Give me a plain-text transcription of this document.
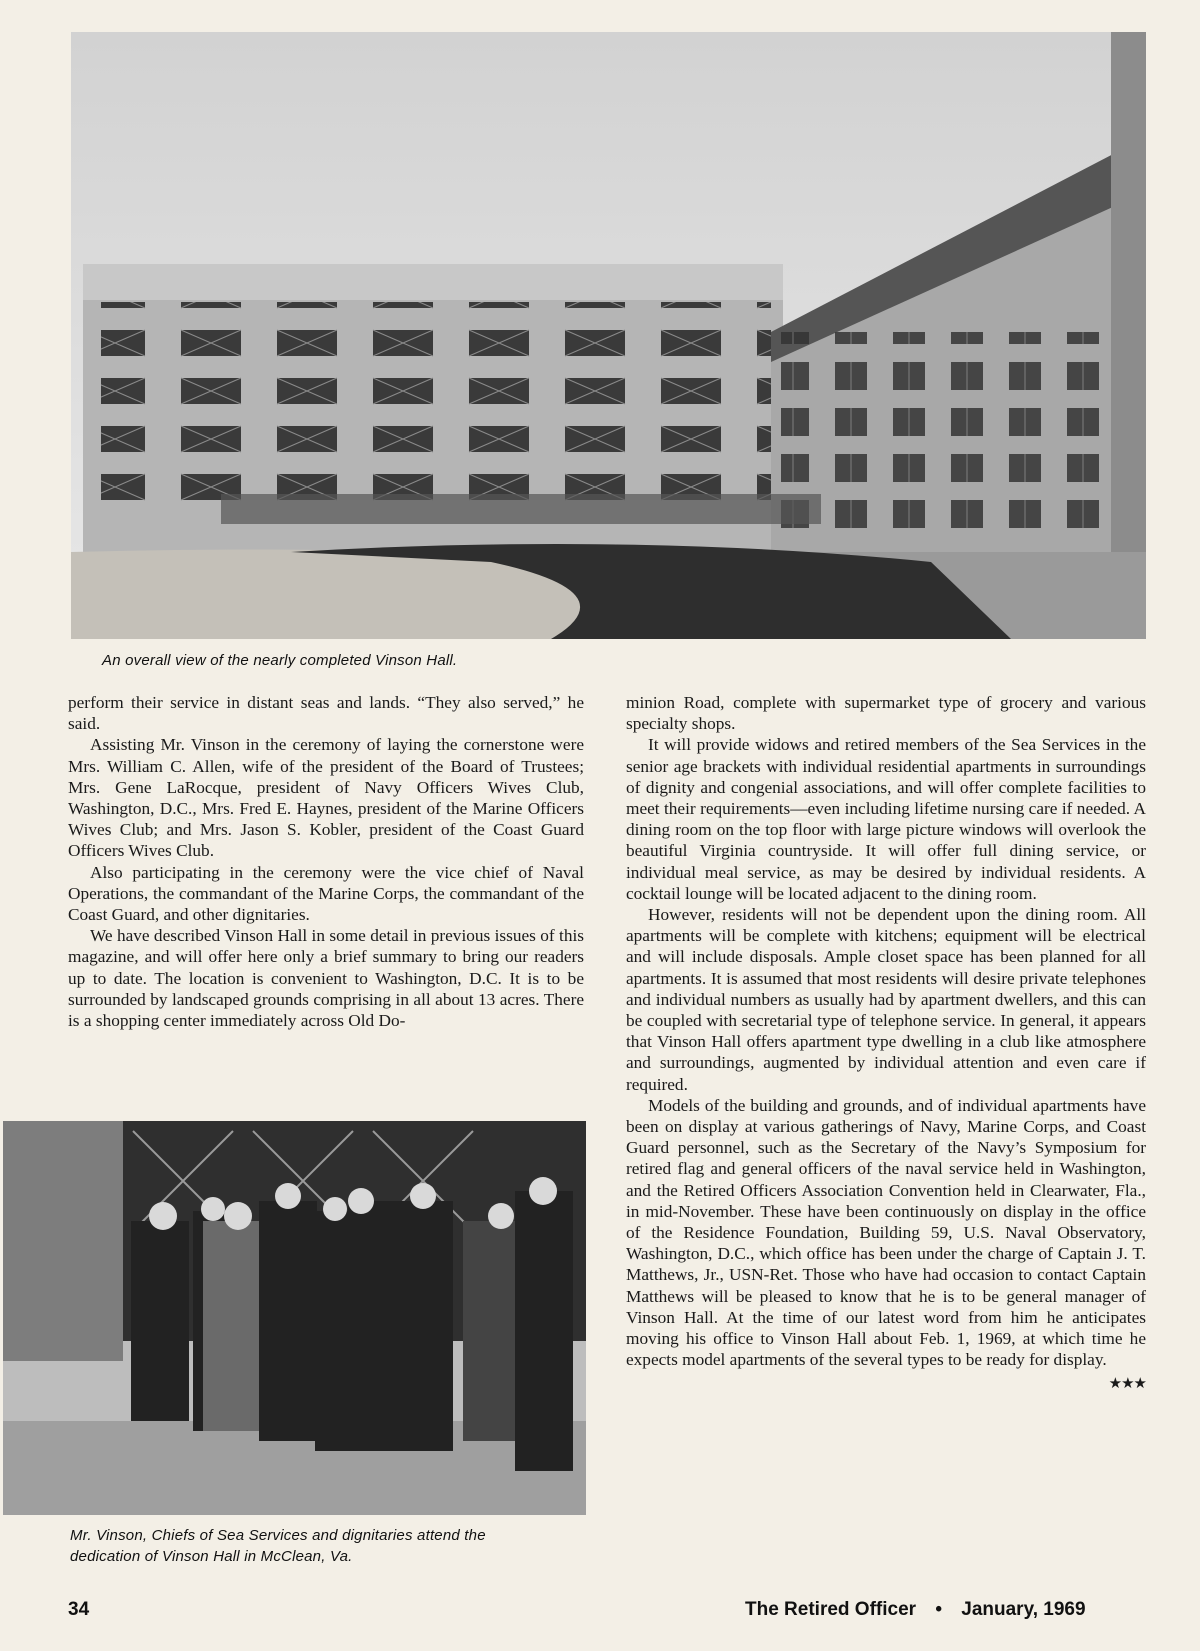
An overall view of the nearly completed Vinson Hall.

perform their service in distant seas and lands. “They also served,” he said.

Assisting Mr. Vinson in the ceremony of laying the cornerstone were Mrs. William C. Allen, wife of the president of the Board of Trustees; Mrs. Gene LaRocque, president of Navy Officers Wives Club, Washington, D.C., Mrs. Fred E. Haynes, president of the Marine Officers Wives Club; and Mrs. Jason S. Kobler, president of the Coast Guard Officers Wives Club.

Also participating in the ceremony were the vice chief of Naval Operations, the commandant of the Marine Corps, the commandant of the Coast Guard, and other dignitaries.

We have described Vinson Hall in some detail in previous issues of this magazine, and will offer here only a brief summary to bring our readers up to date. The location is convenient to Washington, D.C. It is to be surrounded by landscaped grounds comprising in all about 13 acres. There is a shopping center immediately across Old Do-

Mr. Vinson, Chiefs of Sea Services and dignitaries attend the
dedication of Vinson Hall in McClean, Va.

minion Road, complete with supermarket type of grocery and various specialty shops.

It will provide widows and retired members of the Sea Services in the senior age brackets with individual residential apartments in surroundings of dignity and congenial associations, and will offer complete facilities to meet their requirements—even including lifetime nursing care if needed. A dining room on the top floor with large picture windows will overlook the beautiful Virginia countryside. It will offer full dining service, or individual meal service, as may be desired by individual residents. A cocktail lounge will be located adjacent to the dining room.

However, residents will not be dependent upon the dining room. All apartments will be complete with kitchens; equipment will be electrical and will include disposals. Ample closet space has been planned for all apartments. It is assumed that most residents will desire private telephones and individual numbers as usually had by apartment dwellers, and this can be coupled with secretarial type of telephone service. In general, it appears that Vinson Hall offers apartment type dwelling in a club like atmosphere and surroundings, augmented by individual attention and even care if required.

Models of the building and grounds, and of individual apartments have been on display at various gatherings of Navy, Marine Corps, and Coast Guard personnel, such as the Secretary of the Navy’s Symposium for retired flag and general officers of the naval service held in Washington, and the Retired Officers Association Convention held in Clearwater, Fla., in mid-November. These have been continuously on display in the office of the Residence Foundation, Building 59, U.S. Naval Observatory, Washington, D.C., which office has been under the charge of Captain J. T. Matthews, Jr., USN-Ret. Those who have had occasion to contact Captain Matthews will be pleased to know that he is to be general manager of Vinson Hall. At the time of our latest word from him he anticipates moving his office to Vinson Hall about Feb. 1, 1969, at which time he expects model apartments of the several types to be ready for display.
★★★

34	The Retired Officer • January, 1969
